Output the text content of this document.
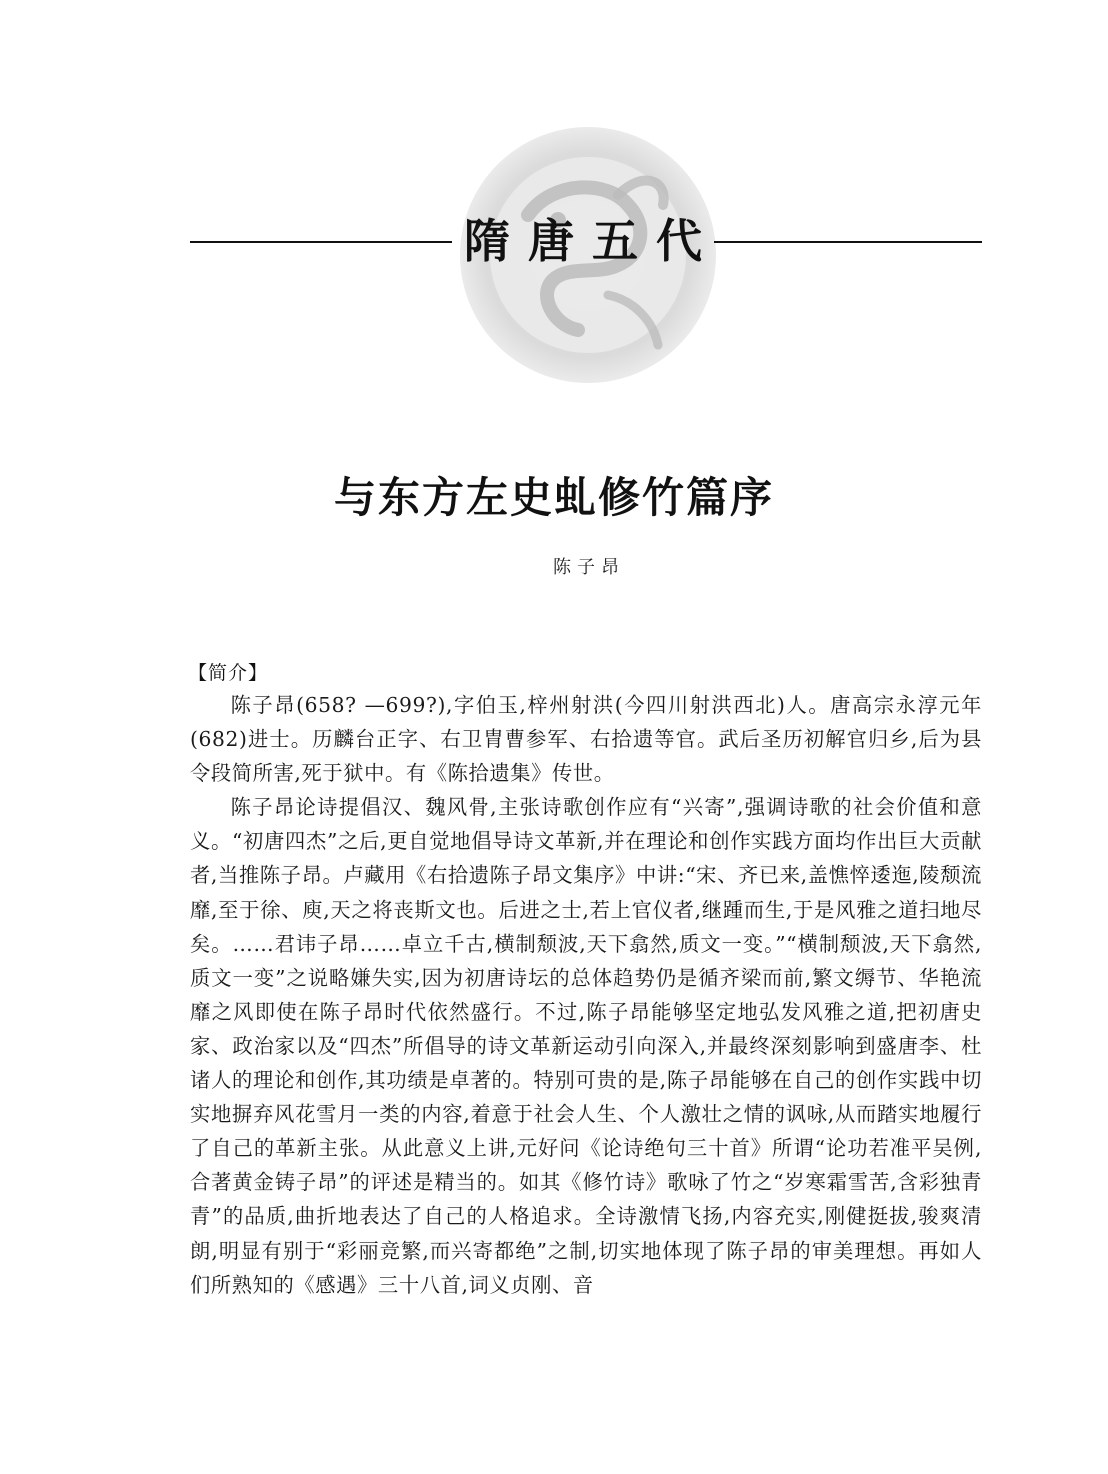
隋唐五代
与东方左史虬修竹篇序
陈子昂
【简介】

陈子昂(658? —699?),字伯玉,梓州射洪(今四川射洪西北)人。唐高宗永淳元年(682)进士。历麟台正字、右卫胄曹参军、右拾遗等官。武后圣历初解官归乡,后为县令段简所害,死于狱中。有《陈拾遗集》传世。

陈子昂论诗提倡汉、魏风骨,主张诗歌创作应有“兴寄”,强调诗歌的社会价值和意义。“初唐四杰”之后,更自觉地倡导诗文革新,并在理论和创作实践方面均作出巨大贡献者,当推陈子昂。卢藏用《右拾遗陈子昂文集序》中讲:“宋、齐已来,盖憔悴逶迤,陵颓流靡,至于徐、庾,天之将丧斯文也。后进之士,若上官仪者,继踵而生,于是风雅之道扫地尽矣。……君讳子昂……卓立千古,横制颓波,天下翕然,质文一变。”“横制颓波,天下翕然,质文一变”之说略嫌失实,因为初唐诗坛的总体趋势仍是循齐梁而前,繁文缛节、华艳流靡之风即使在陈子昂时代依然盛行。不过,陈子昂能够坚定地弘发风雅之道,把初唐史家、政治家以及“四杰”所倡导的诗文革新运动引向深入,并最终深刻影响到盛唐李、杜诸人的理论和创作,其功绩是卓著的。特别可贵的是,陈子昂能够在自己的创作实践中切实地摒弃风花雪月一类的内容,着意于社会人生、个人激壮之情的讽咏,从而踏实地履行了自己的革新主张。从此意义上讲,元好问《论诗绝句三十首》所谓“论功若准平吴例,合著黄金铸子昂”的评述是精当的。如其《修竹诗》歌咏了竹之“岁寒霜雪苦,含彩独青青”的品质,曲折地表达了自己的人格追求。全诗激情飞扬,内容充实,刚健挺拔,骏爽清朗,明显有别于“彩丽竞繁,而兴寄都绝”之制,切实地体现了陈子昂的审美理想。再如人们所熟知的《感遇》三十八首,词义贞刚、音
